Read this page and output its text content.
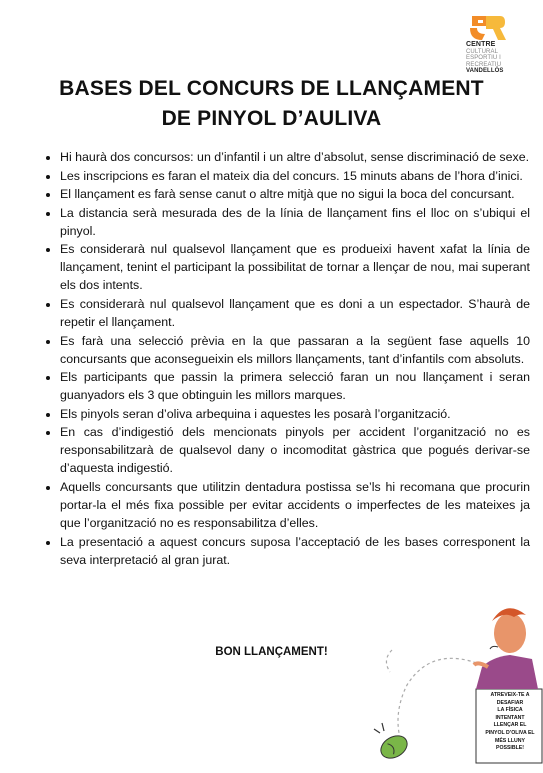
CENTRE
CULTURAL
ESPORTIU I
RECREATIU
VANDELLÒS
BASES DEL CONCURS DE LLANÇAMENT
DE PINYOL D’AULIVA
• Hi haurà dos concursos: un d’infantil i un altre d’absolut, sense discriminació de sexe.
• Les inscripcions es faran el mateix dia del concurs. 15 minuts abans de l’hora d’inici.
• El llançament es farà sense canut o altre mitjà que no sigui la boca del concursant.
• La distancia serà mesurada des de la línia de llançament fins el lloc on s’ubiqui el pinyol.
• Es considerarà nul qualsevol llançament que es produeixi havent xafat la línia de llançament, tenint el participant la possibilitat de tornar a llençar de nou, mai superant els dos intents.
• Es considerarà nul qualsevol llançament que es doni a un espectador. S’haurà de repetir el llançament.
• Es farà una selecció prèvia en la que passaran a la següent fase aquells 10 concursants que aconsegueixin els millors llançaments, tant d’infantils com absoluts.
• Els participants que passin la primera selecció faran un nou llançament i seran guanyadors els 3 que obtinguin les millors marques.
• Els pinyols seran d’oliva arbequina i aquestes les posarà l’organització.
• En cas d’indigestió dels mencionats pinyols per accident l’organització no es responsabilitzarà de qualsevol dany o incomoditat gàstrica que pogués derivar-se d’aquesta indigestió.
• Aquells concursants que utilitzin dentadura postissa se’ls hi recomana que procurin portar-la el més fixa possible per evitar accidents o imperfectes de les mateixes ja que l’organització no es responsabilitza d’elles.
• La presentació a aquest concurs suposa l’acceptació de les bases corresponent la seva interpretació al gran jurat.
BON LLANÇAMENT!
ATREVEIX-TE A
DESAFIAR
LA FÍSICA
INTENTANT
LLENÇAR EL
PINYOL D’OLIVA EL
MÉS LLUNY
POSSIBLE!
